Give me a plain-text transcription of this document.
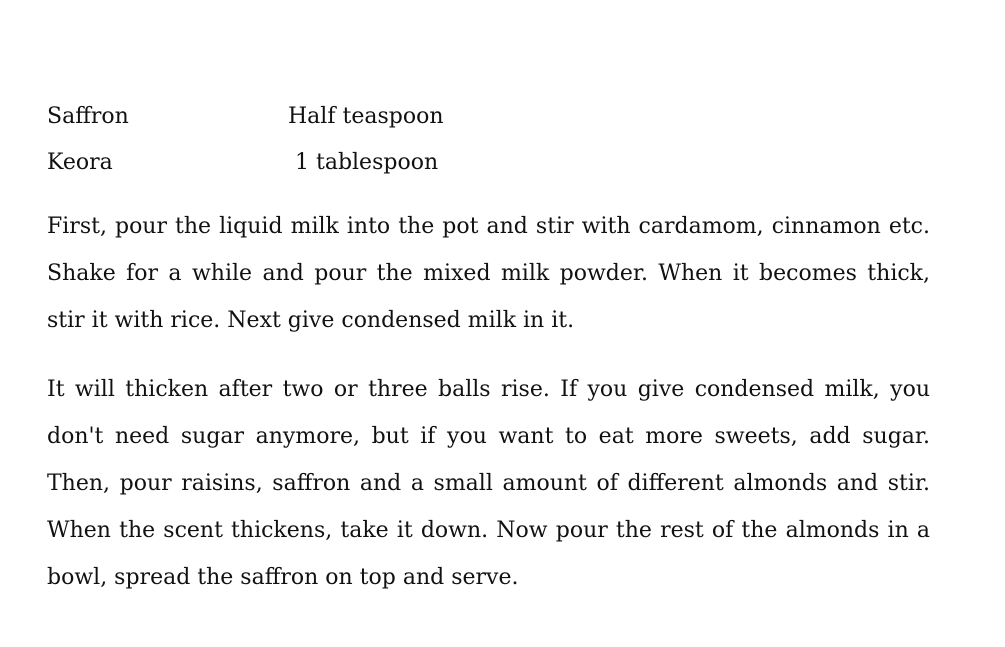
Saffron	Half teaspoon
Keora	1 tablespoon

First, pour the liquid milk into the pot and stir with cardamom, cinnamon etc. Shake for a while and pour the mixed milk powder. When it becomes thick, stir it with rice. Next give condensed milk in it.

It will thicken after two or three balls rise. If you give condensed milk, you don't need sugar anymore, but if you want to eat more sweets, add sugar. Then, pour raisins, saffron and a small amount of different almonds and stir. When the scent thickens, take it down. Now pour the rest of the almonds in a bowl, spread the saffron on top and serve.
